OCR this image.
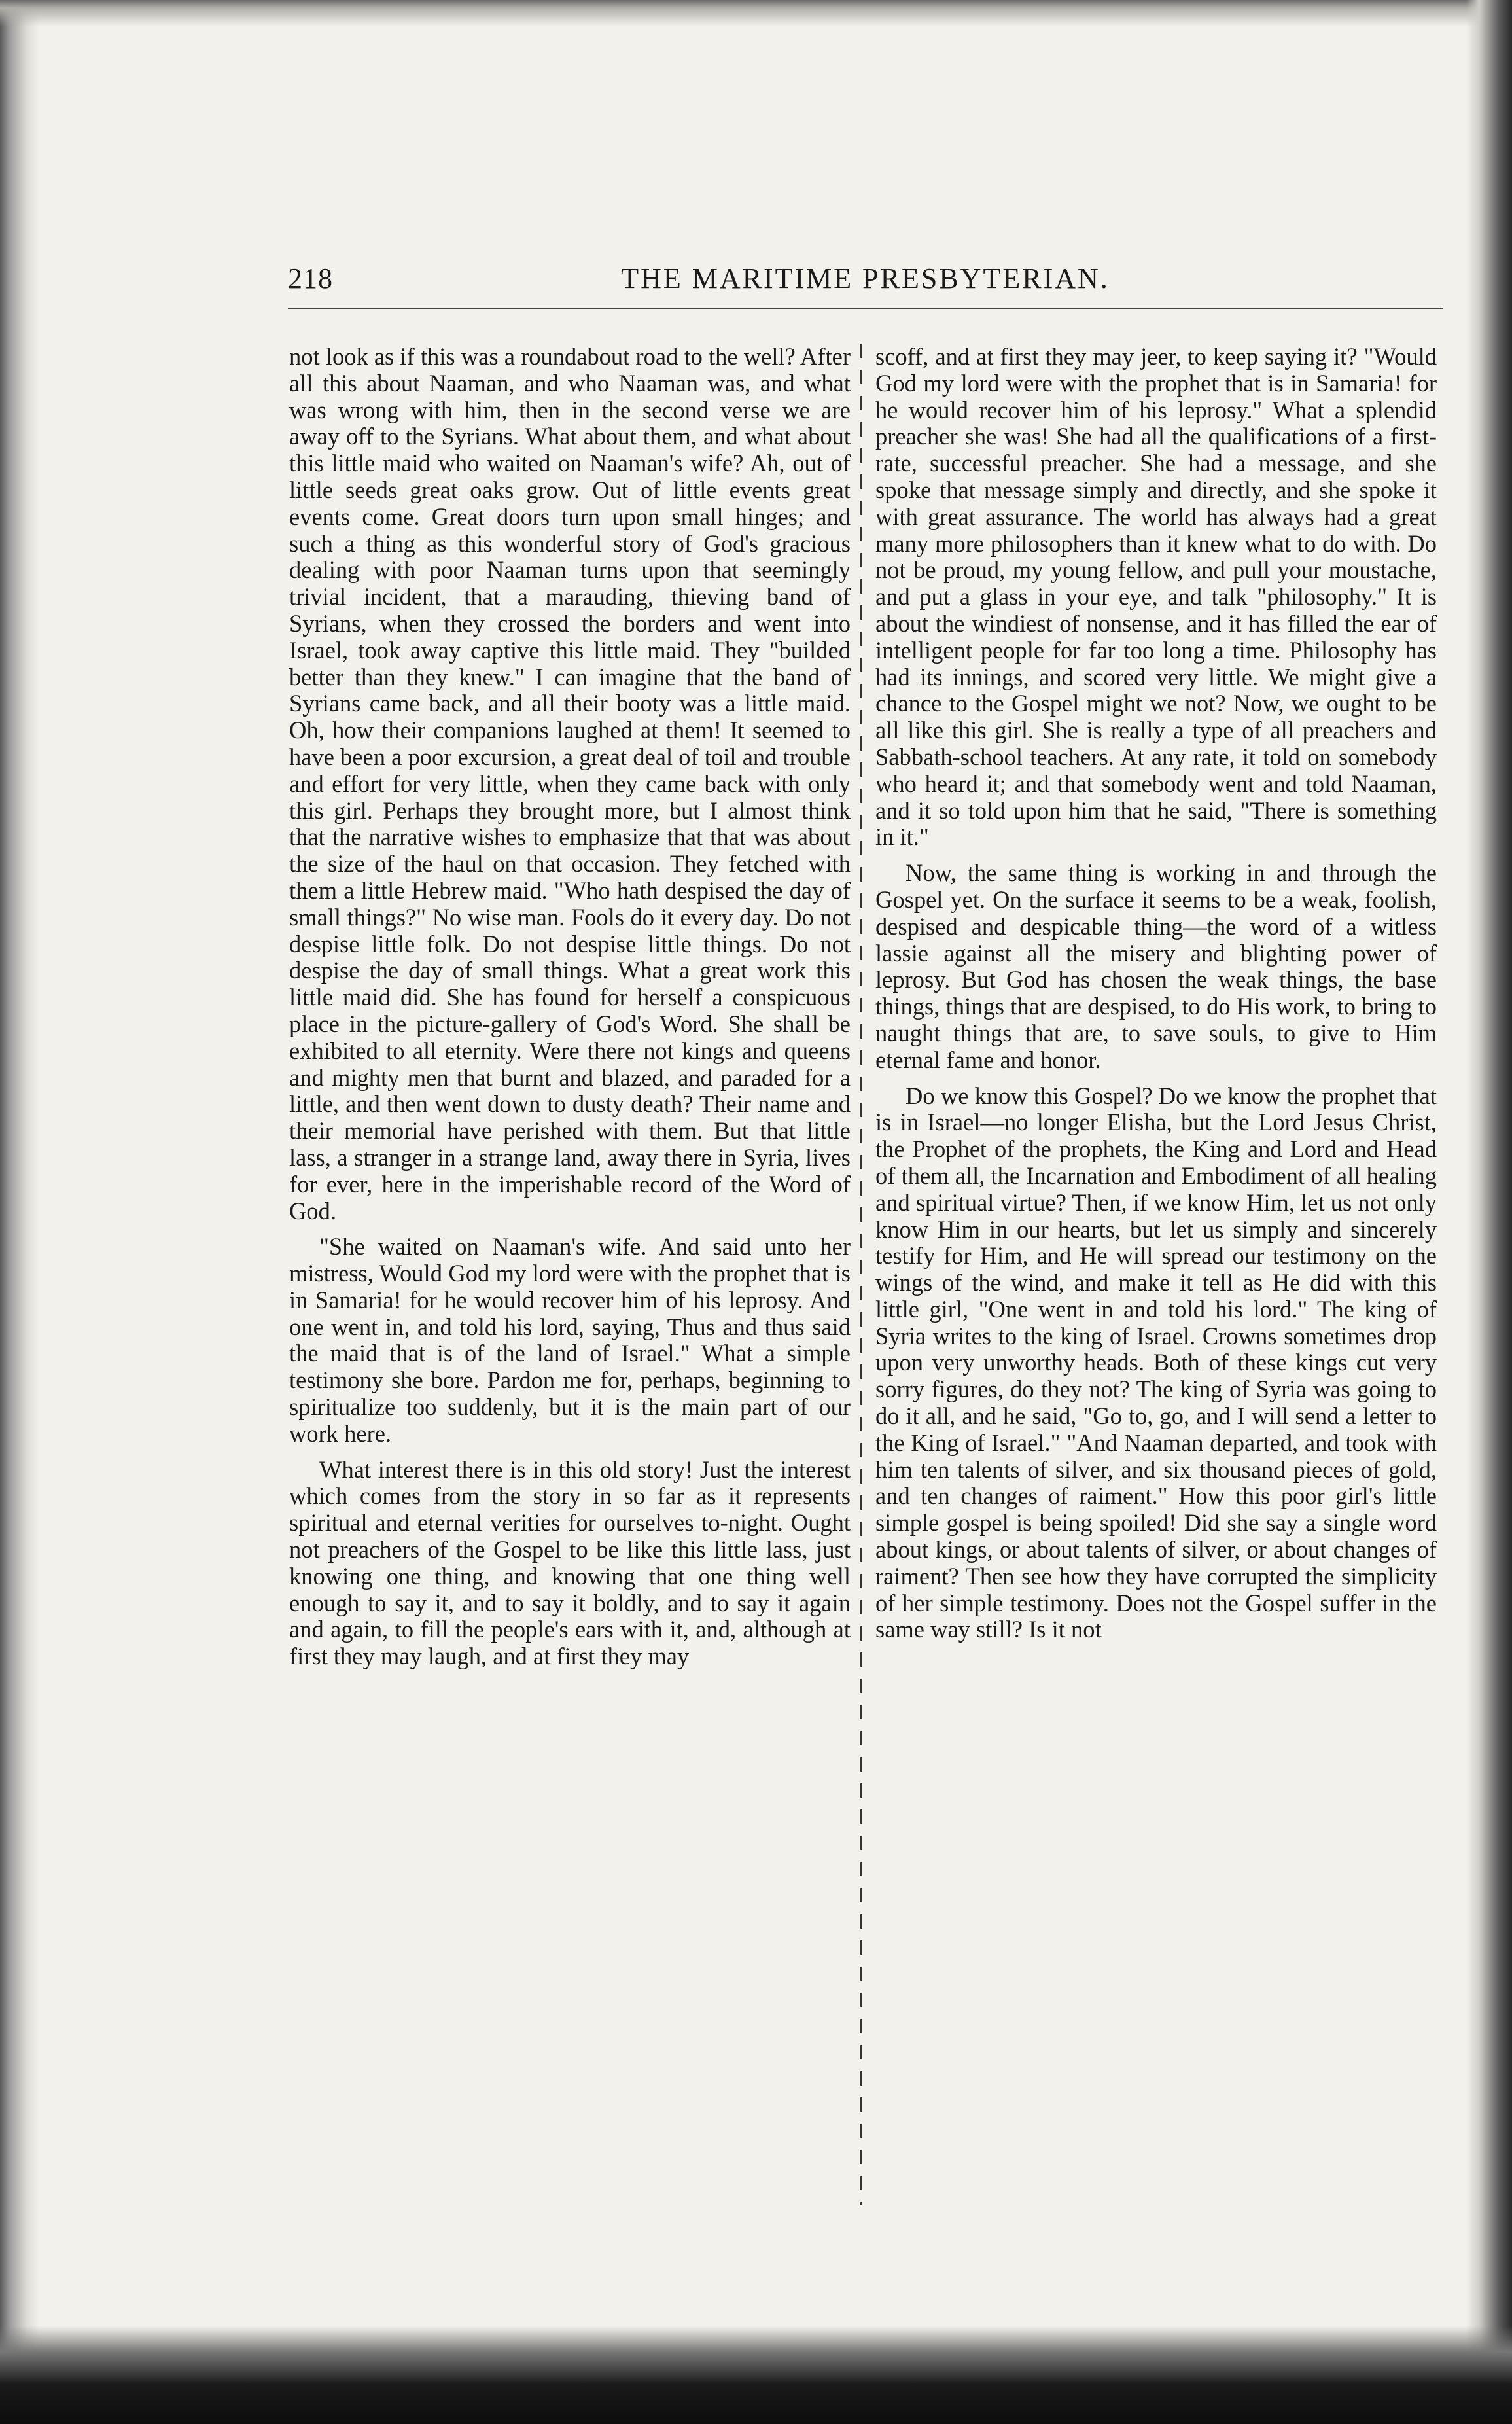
218	THE MARITIME PRESBYTERIAN.

not look as if this was a roundabout road to the well? After all this about Naaman, and who Naaman was, and what was wrong with him, then in the second verse we are away off to the Syrians. What about them, and what about this little maid who waited on Naaman's wife? Ah, out of little seeds great oaks grow. Out of little events great events come. Great doors turn upon small hinges; and such a thing as this wonderful story of God's gracious dealing with poor Naaman turns upon that seemingly trivial incident, that a marauding, thieving band of Syrians, when they crossed the borders and went into Israel, took away captive this little maid. They "builded better than they knew." I can imagine that the band of Syrians came back, and all their booty was a little maid. Oh, how their companions laughed at them! It seemed to have been a poor excursion, a great deal of toil and trouble and effort for very little, when they came back with only this girl. Perhaps they brought more, but I almost think that the narrative wishes to emphasize that that was about the size of the haul on that occasion. They fetched with them a little Hebrew maid. "Who hath despised the day of small things?" No wise man. Fools do it every day. Do not despise little folk. Do not despise little things. Do not despise the day of small things. What a great work this little maid did. She has found for herself a conspicuous place in the picture-gallery of God's Word. She shall be exhibited to all eternity. Were there not kings and queens and mighty men that burnt and blazed, and paraded for a little, and then went down to dusty death? Their name and their memorial have perished with them. But that little lass, a stranger in a strange land, away there in Syria, lives for ever, here in the imperishable record of the Word of God.

"She waited on Naaman's wife. And said unto her mistress, Would God my lord were with the prophet that is in Samaria! for he would recover him of his leprosy. And one went in, and told his lord, saying, Thus and thus said the maid that is of the land of Israel." What a simple testimony she bore. Pardon me for, perhaps, beginning to spiritualize too suddenly, but it is the main part of our work here.

What interest there is in this old story! Just the interest which comes from the story in so far as it represents spiritual and eternal verities for ourselves to-night. Ought not preachers of the Gospel to be like this little lass, just knowing one thing, and knowing that one thing well enough to say it, and to say it boldly, and to say it again and again, to fill the people's ears with it, and, although at first they may laugh, and at first they may

scoff, and at first they may jeer, to keep saying it? "Would God my lord were with the prophet that is in Samaria! for he would recover him of his leprosy." What a splendid preacher she was! She had all the qualifications of a first-rate, successful preacher. She had a message, and she spoke that message simply and directly, and she spoke it with great assurance. The world has always had a great many more philosophers than it knew what to do with. Do not be proud, my young fellow, and pull your moustache, and put a glass in your eye, and talk "philosophy." It is about the windiest of nonsense, and it has filled the ear of intelligent people for far too long a time. Philosophy has had its innings, and scored very little. We might give a chance to the Gospel might we not? Now, we ought to be all like this girl. She is really a type of all preachers and Sabbath-school teachers. At any rate, it told on somebody who heard it; and that somebody went and told Naaman, and it so told upon him that he said, "There is something in it."

Now, the same thing is working in and through the Gospel yet. On the surface it seems to be a weak, foolish, despised and despicable thing—the word of a witless lassie against all the misery and blighting power of leprosy. But God has chosen the weak things, the base things, things that are despised, to do His work, to bring to naught things that are, to save souls, to give to Him eternal fame and honor.

Do we know this Gospel? Do we know the prophet that is in Israel—no longer Elisha, but the Lord Jesus Christ, the Prophet of the prophets, the King and Lord and Head of them all, the Incarnation and Embodiment of all healing and spiritual virtue? Then, if we know Him, let us not only know Him in our hearts, but let us simply and sincerely testify for Him, and He will spread our testimony on the wings of the wind, and make it tell as He did with this little girl, "One went in and told his lord." The king of Syria writes to the king of Israel. Crowns sometimes drop upon very unworthy heads. Both of these kings cut very sorry figures, do they not? The king of Syria was going to do it all, and he said, "Go to, go, and I will send a letter to the King of Israel." "And Naaman departed, and took with him ten talents of silver, and six thousand pieces of gold, and ten changes of raiment." How this poor girl's little simple gospel is being spoiled! Did she say a single word about kings, or about talents of silver, or about changes of raiment? Then see how they have corrupted the simplicity of her simple testimony. Does not the Gospel suffer in the same way still? Is it not
